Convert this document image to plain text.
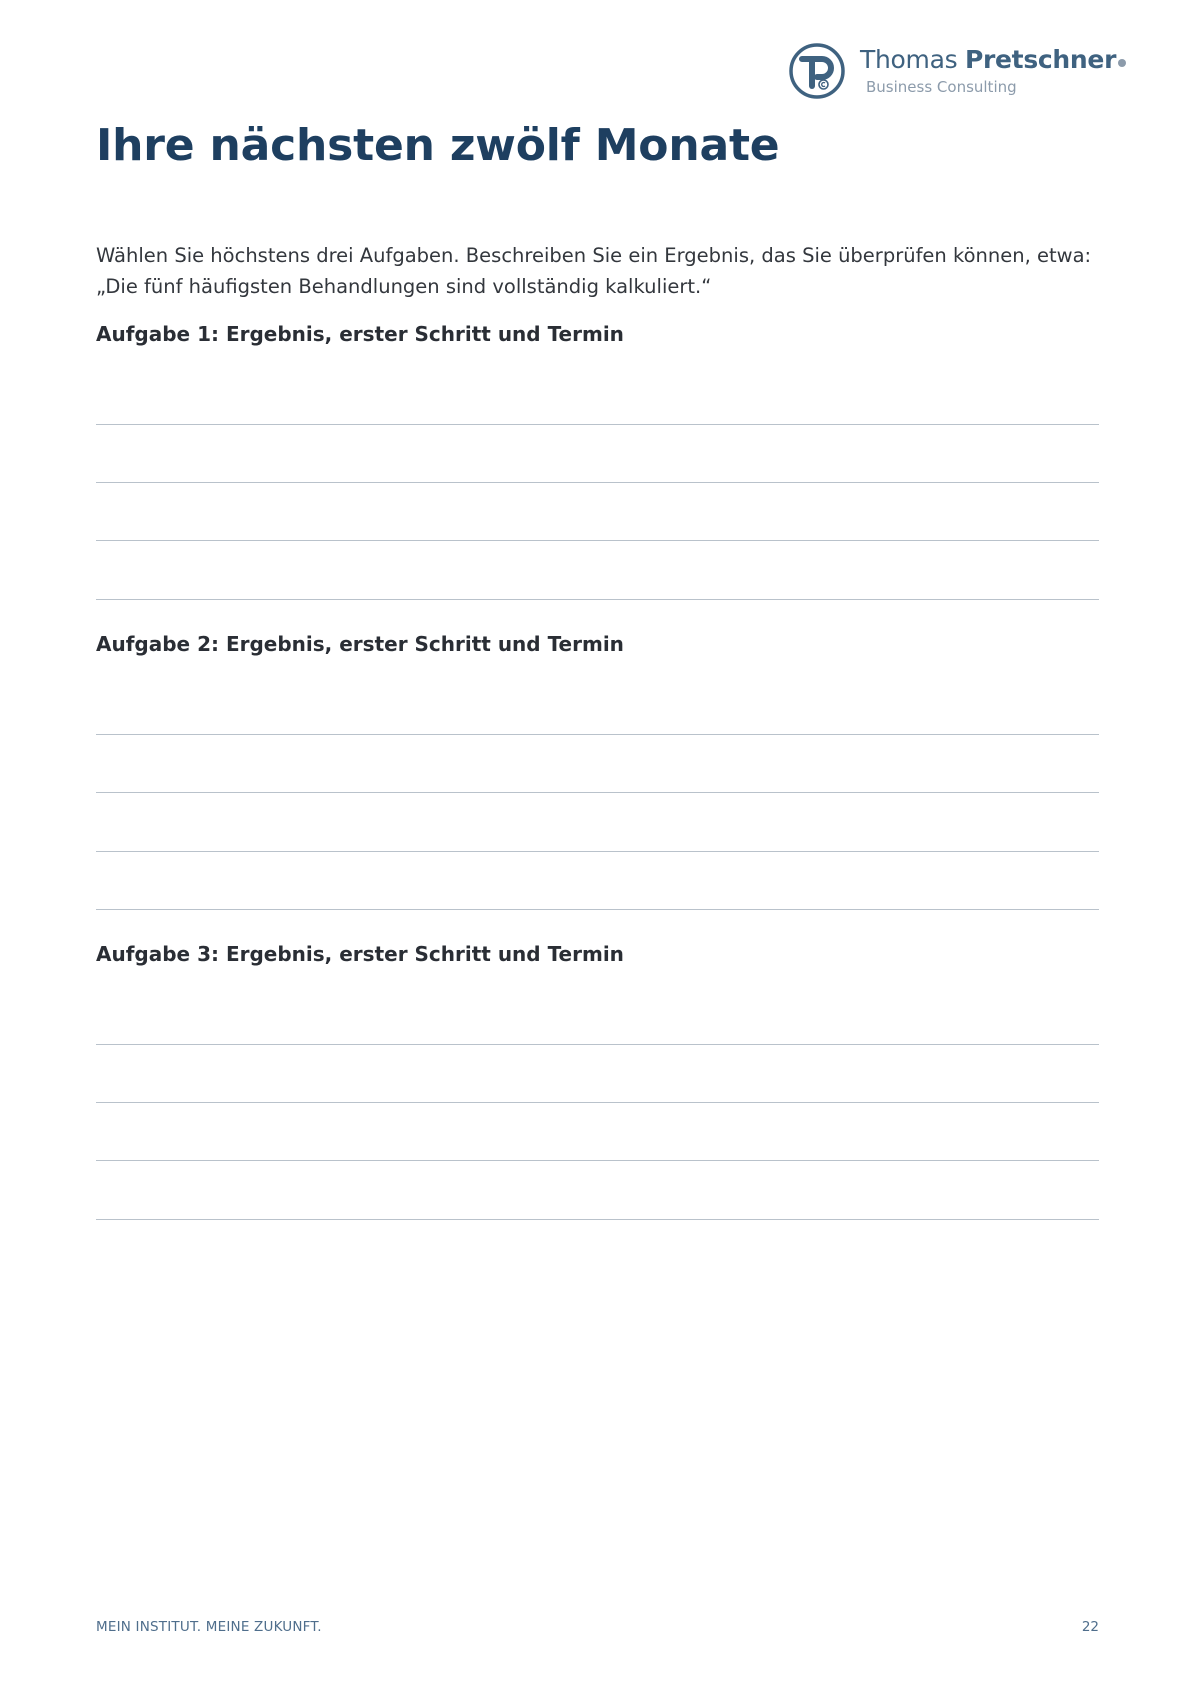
Thomas Pretschner
Business Consulting
Ihre nächsten zwölf Monate
Wählen Sie höchstens drei Aufgaben. Beschreiben Sie ein Ergebnis, das Sie überprüfen können, etwa:
„Die fünf häufigsten Behandlungen sind vollständig kalkuliert.“
Aufgabe 1: Ergebnis, erster Schritt und Termin
Aufgabe 2: Ergebnis, erster Schritt und Termin
Aufgabe 3: Ergebnis, erster Schritt und Termin
MEIN INSTITUT. MEINE ZUKUNFT.	22
